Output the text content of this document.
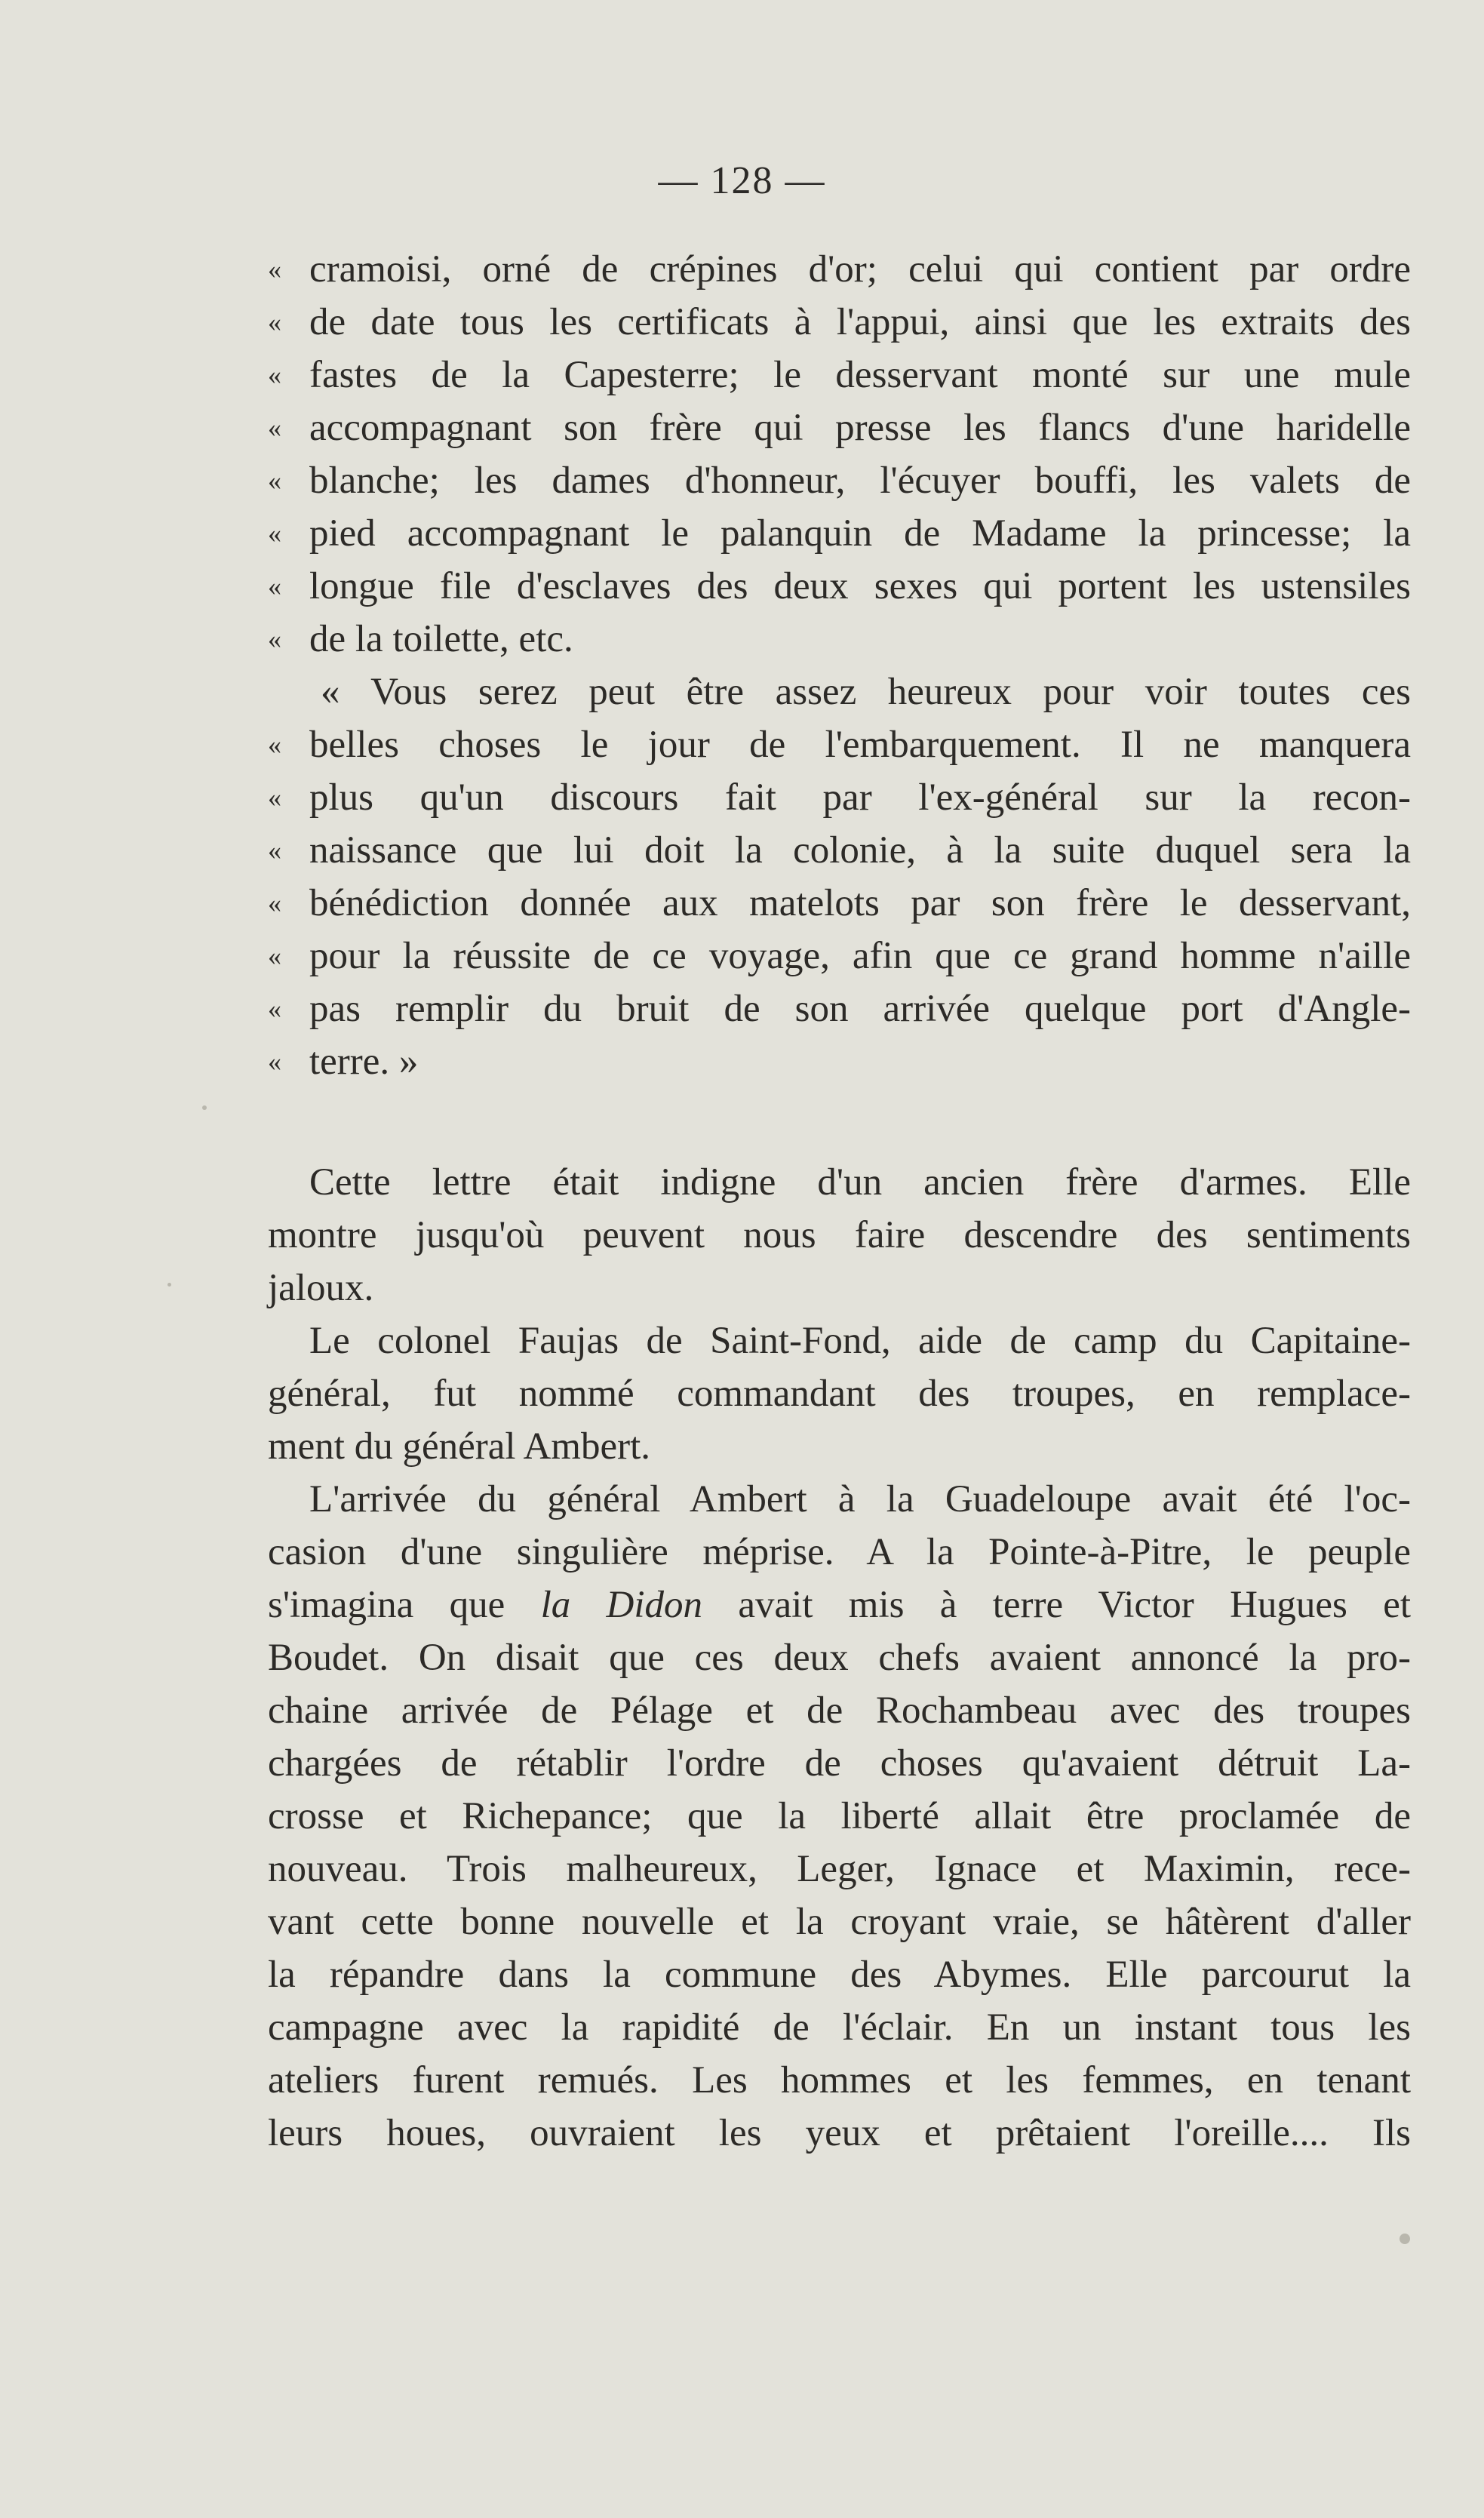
— 128 —
« cramoisi, orné de crépines d'or; celui qui contient par ordre
« de date tous les certificats à l'appui, ainsi que les extraits des
« fastes de la Capesterre; le desservant monté sur une mule
« accompagnant son frère qui presse les flancs d'une haridelle
« blanche; les dames d'honneur, l'écuyer bouffi, les valets de
« pied accompagnant le palanquin de Madame la princesse; la
« longue file d'esclaves des deux sexes qui portent les ustensiles
« de la toilette, etc.
« Vous serez peut être assez heureux pour voir toutes ces
« belles choses le jour de l'embarquement. Il ne manquera
« plus qu'un discours fait par l'ex-général sur la recon-
« naissance que lui doit la colonie, à la suite duquel sera la
« bénédiction donnée aux matelots par son frère le desservant,
« pour la réussite de ce voyage, afin que ce grand homme n'aille
« pas remplir du bruit de son arrivée quelque port d'Angle-
« terre. »
Cette lettre était indigne d'un ancien frère d'armes. Elle
montre jusqu'où peuvent nous faire descendre des sentiments
jaloux.
Le colonel Faujas de Saint-Fond, aide de camp du Capitaine-
général, fut nommé commandant des troupes, en remplace-
ment du général Ambert.
L'arrivée du général Ambert à la Guadeloupe avait été l'oc-
casion d'une singulière méprise. A la Pointe-à-Pitre, le peuple
s'imagina que la Didon avait mis à terre Victor Hugues et
Boudet. On disait que ces deux chefs avaient annoncé la pro-
chaine arrivée de Pélage et de Rochambeau avec des troupes
chargées de rétablir l'ordre de choses qu'avaient détruit La-
crosse et Richepance; que la liberté allait être proclamée de
nouveau. Trois malheureux, Leger, Ignace et Maximin, rece-
vant cette bonne nouvelle et la croyant vraie, se hâtèrent d'aller
la répandre dans la commune des Abymes. Elle parcourut la
campagne avec la rapidité de l'éclair. En un instant tous les
ateliers furent remués. Les hommes et les femmes, en tenant
leurs houes, ouvraient les yeux et prêtaient l'oreille.... Ils
